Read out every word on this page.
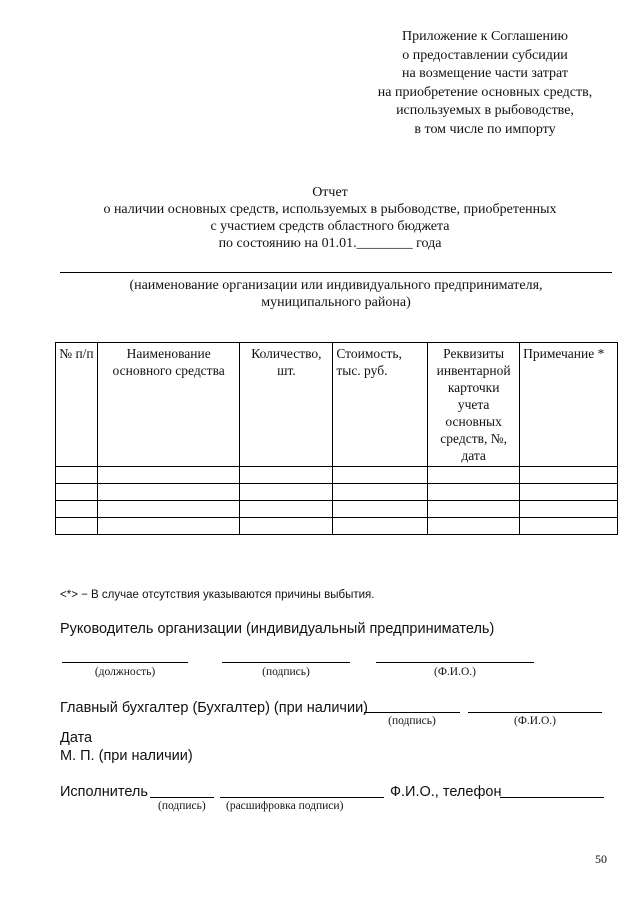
Приложение к Соглашению
о предоставлении субсидии
на возмещение части затрат
на приобретение основных средств,
используемых в рыбоводстве,
в том числе по импорту
Отчет
о наличии основных средств, используемых в рыбоводстве, приобретенных
с участием средств областного бюджета
по состоянию на 01.01.________ года
(наименование организации или индивидуального предпринимателя,
муниципального района)
№ п/п	Наименование основного средства	Количество, шт.	Стоимость, тыс. руб.	Реквизиты инвентарной карточки учета основных средств, №, дата	Примечание *

<*> − В случае отсутствия указываются причины выбытия.
Руководитель организации (индивидуальный предприниматель)
(должность)	(подпись)	(Ф.И.О.)
Главный бухгалтер (Бухгалтер) (при наличии)
(подпись)	(Ф.И.О.)
Дата
М. П. (при наличии)
Исполнитель	Ф.И.О., телефон
(подпись)	(расшифровка подписи)
50
